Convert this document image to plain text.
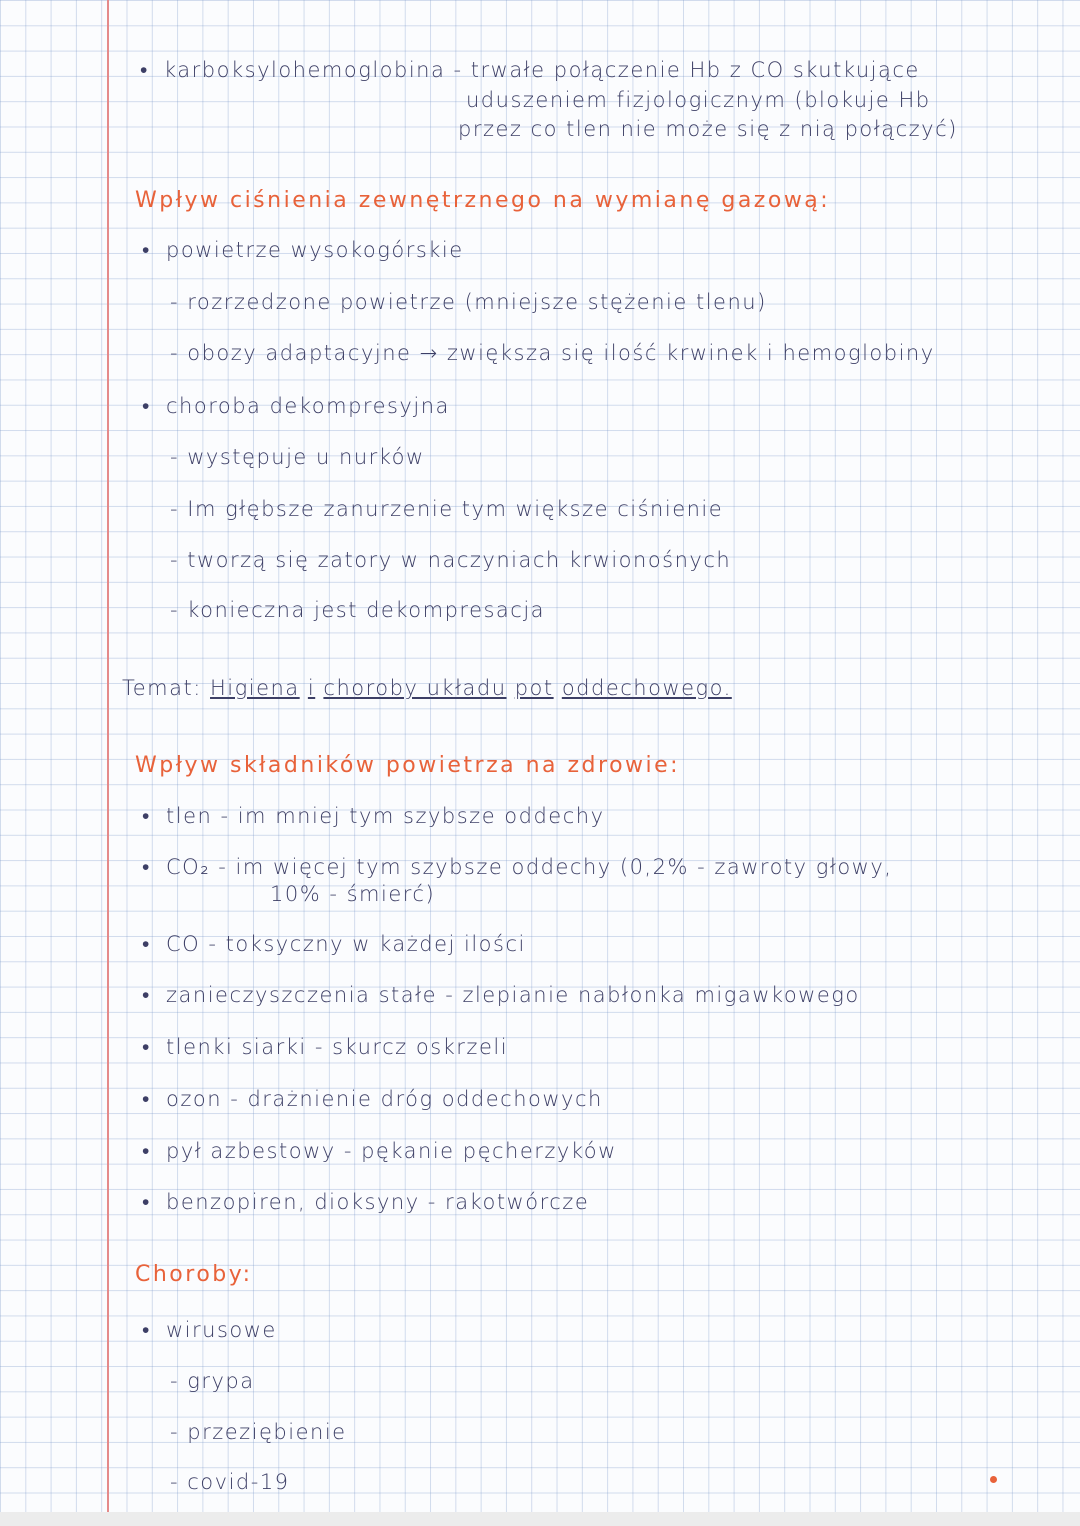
• karboksylohemoglobina - trwałe połączenie Hb z CO skutkujące
uduszeniem fizjologicznym (blokuje Hb
przez co tlen nie może się z nią połączyć)
Wpływ ciśnienia zewnętrznego na wymianę gazową:
• powietrze wysokogórskie
- rozrzedzone powietrze (mniejsze stężenie tlenu)
- obozy adaptacyjne → zwiększa się ilość krwinek i hemoglobiny
• choroba dekompresyjna
- występuje u nurków
- Im głębsze zanurzenie tym większe ciśnienie
- tworzą się zatory w naczyniach krwionośnych
- konieczna jest dekompresacja
Temat: Higiena i choroby układu pot oddechowego.
Wpływ składników powietrza na zdrowie:
• tlen - im mniej tym szybsze oddechy
• CO₂ - im więcej tym szybsze oddechy (0,2% - zawroty głowy,
10% - śmierć)
• CO - toksyczny w każdej ilości
• zanieczyszczenia stałe - zlepianie nabłonka migawkowego
• tlenki siarki - skurcz oskrzeli
• ozon - drażnienie dróg oddechowych
• pył azbestowy - pękanie pęcherzyków
• benzopiren, dioksyny - rakotwórcze
Choroby:
• wirusowe
- grypa
- przeziębienie
- covid-19
